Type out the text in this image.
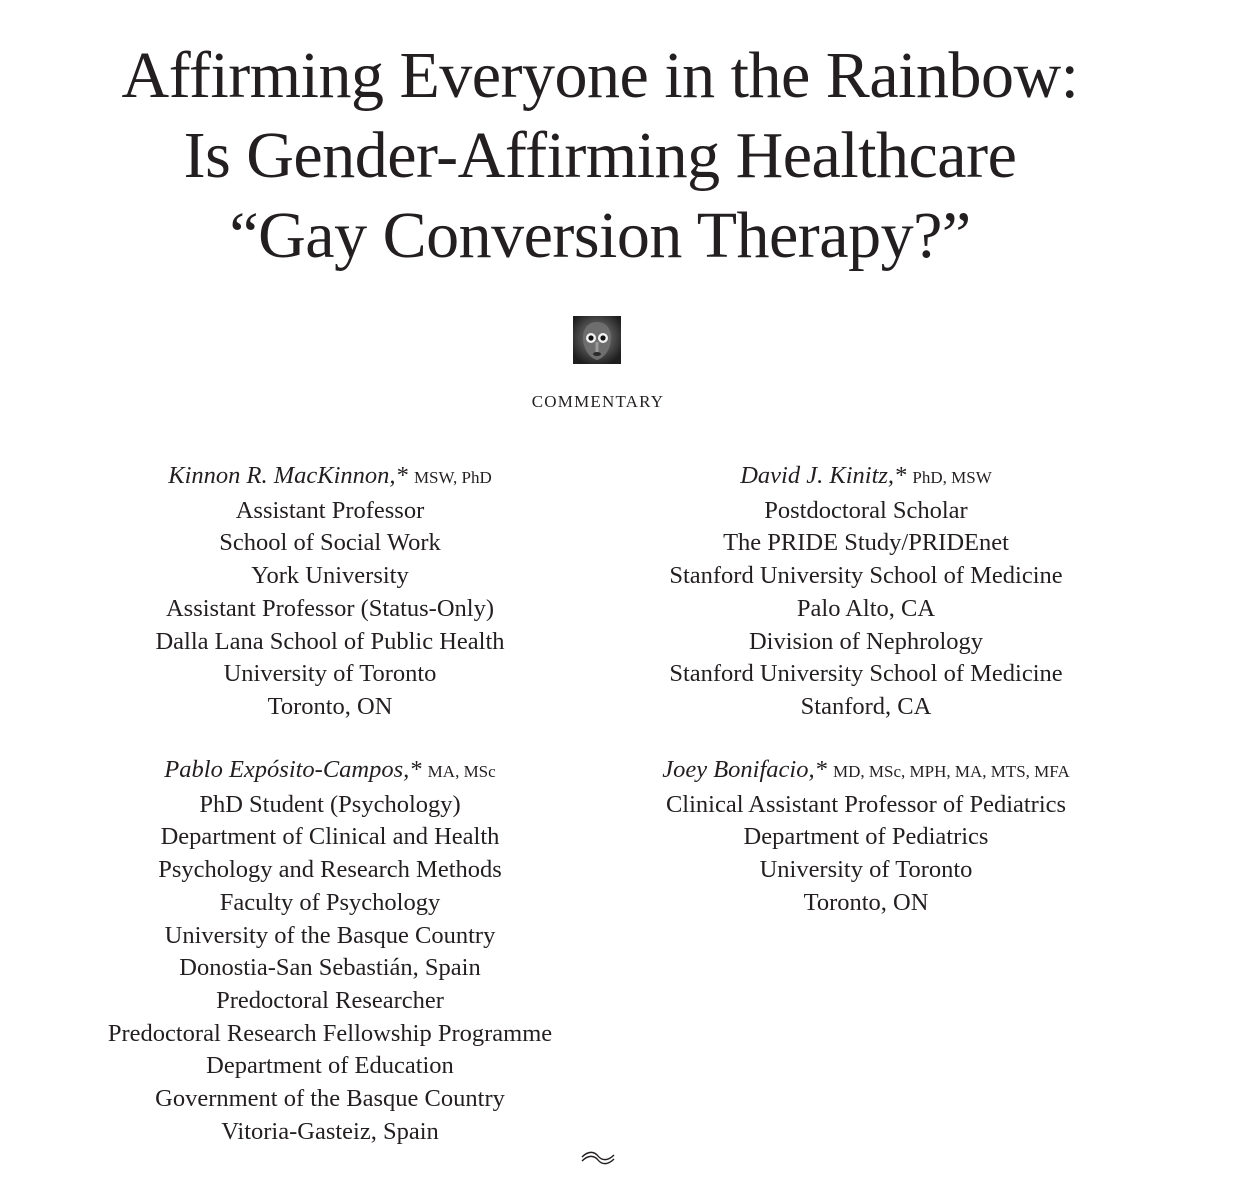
Affirming Everyone in the Rainbow:
Is Gender-Affirming Healthcare
“Gay Conversion Therapy?”
COMMENTARY
Kinnon R. MacKinnon,* MSW, PhD
Assistant Professor
School of Social Work
York University
Assistant Professor (Status-Only)
Dalla Lana School of Public Health
University of Toronto
Toronto, ON
David J. Kinitz,* PhD, MSW
Postdoctoral Scholar
The PRIDE Study/PRIDEnet
Stanford University School of Medicine
Palo Alto, CA
Division of Nephrology
Stanford University School of Medicine
Stanford, CA
Pablo Expósito-Campos,* MA, MSc
PhD Student (Psychology)
Department of Clinical and Health
Psychology and Research Methods
Faculty of Psychology
University of the Basque Country
Donostia-San Sebastián, Spain
Predoctoral Researcher
Predoctoral Research Fellowship Programme
Department of Education
Government of the Basque Country
Vitoria-Gasteiz, Spain
Joey Bonifacio,* MD, MSc, MPH, MA, MTS, MFA
Clinical Assistant Professor of Pediatrics
Department of Pediatrics
University of Toronto
Toronto, ON
